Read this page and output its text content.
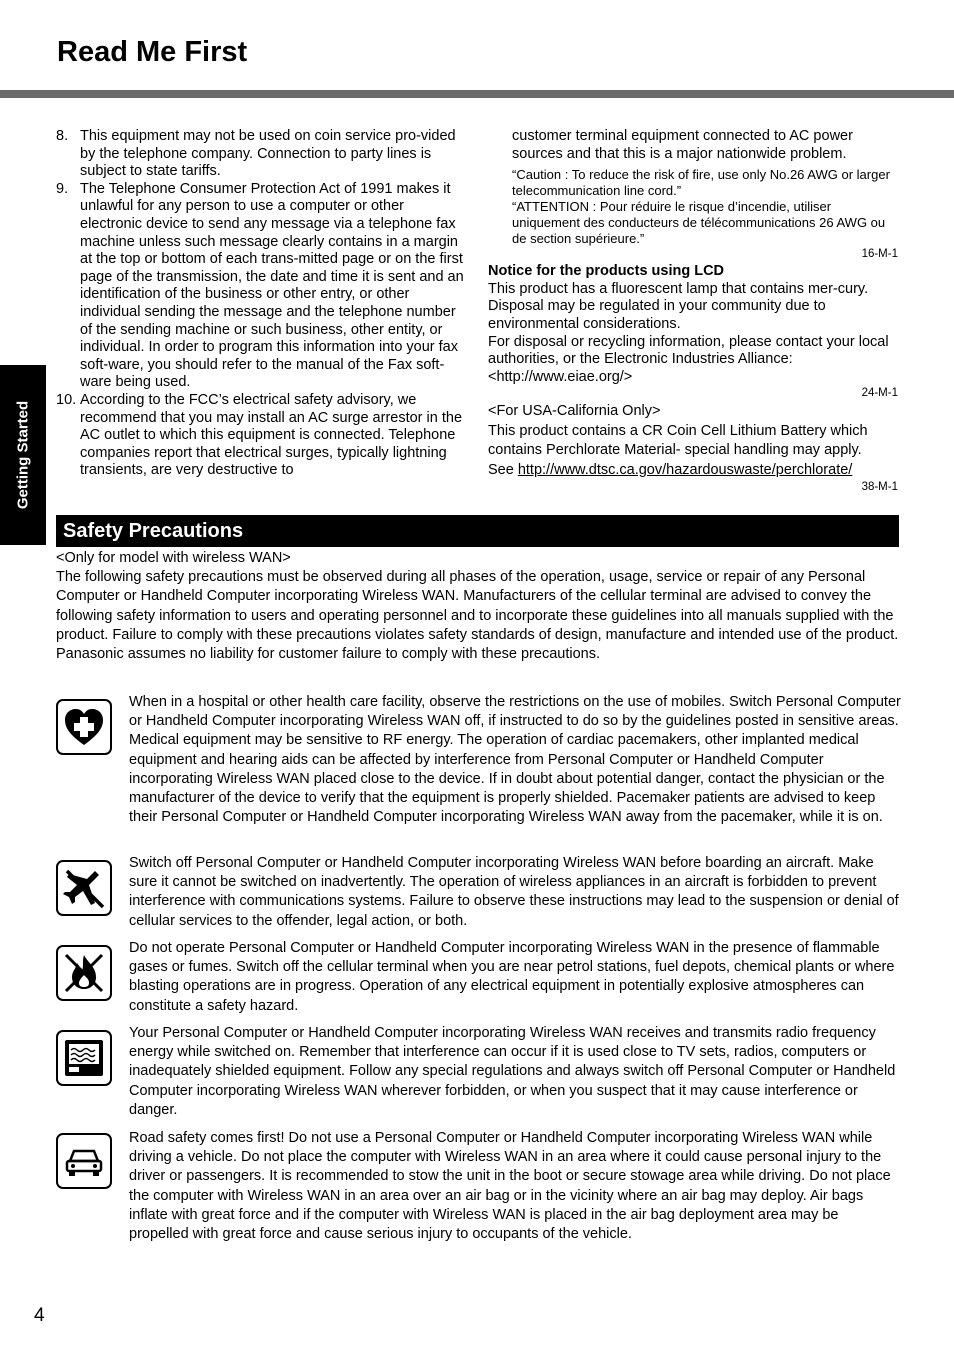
Read Me First
Getting Started
8. This equipment may not be used on coin service pro-vided by the telephone company. Connection to party lines is subject to state tariffs.
9. The Telephone Consumer Protection Act of 1991 makes it unlawful for any person to use a computer or other electronic device to send any message via a telephone fax machine unless such message clearly contains in a margin at the top or bottom of each trans-mitted page or on the first page of the transmission, the date and time it is sent and an identification of the business or other entry, or other individual sending the message and the telephone number of the sending machine or such business, other entity, or individual. In order to program this information into your fax soft-ware, you should refer to the manual of the Fax soft-ware being used.
10. According to the FCC’s electrical safety advisory, we recommend that you may install an AC surge arrestor in the AC outlet to which this equipment is connected. Telephone companies report that electrical surges, typically lightning transients, are very destructive to

customer terminal equipment connected to AC power sources and that this is a major nationwide problem.

“Caution : To reduce the risk of fire, use only No.26 AWG or larger telecommunication line cord.”

“ATTENTION : Pour réduire le risque d’incendie, utiliser uniquement des conducteurs de télécommunications 26 AWG ou de section supérieure.”

16-M-1

Notice for the products using LCD

This product has a fluorescent lamp that contains mer-cury. Disposal may be regulated in your community due to environmental considerations.

For disposal or recycling information, please contact your local authorities, or the Electronic Industries Alliance: <http://www.eiae.org/>

24-M-1

<For USA-California Only>

This product contains a CR Coin Cell Lithium Battery which contains Perchlorate Material- special handling may apply.

See http://www.dtsc.ca.gov/hazardouswaste/perchlorate/

38-M-1

Safety Precautions

<Only for model with wireless WAN>

The following safety precautions must be observed during all phases of the operation, usage, service or repair of any Personal Computer or Handheld Computer incorporating Wireless WAN. Manufacturers of the cellular terminal are advised to convey the following safety information to users and operating personnel and to incorporate these guidelines into all manuals supplied with the product. Failure to comply with these precautions violates safety standards of design, manufacture and intended use of the product. Panasonic assumes no liability for customer failure to comply with these precautions.

When in a hospital or other health care facility, observe the restrictions on the use of mobiles. Switch Personal Computer or Handheld Computer incorporating Wireless WAN off, if instructed to do so by the guidelines posted in sensitive areas. Medical equipment may be sensitive to RF energy. The operation of cardiac pacemakers, other implanted medical equipment and hearing aids can be affected by interference from Personal Computer or Handheld Computer incorporating Wireless WAN placed close to the device. If in doubt about potential danger, contact the physician or the manufacturer of the device to verify that the equipment is properly shielded. Pacemaker patients are advised to keep their Personal Computer or Handheld Computer incorporating Wireless WAN away from the pacemaker, while it is on.

Switch off Personal Computer or Handheld Computer incorporating Wireless WAN before boarding an aircraft. Make sure it cannot be switched on inadvertently. The operation of wireless appliances in an aircraft is forbidden to prevent interference with communications systems. Failure to observe these instructions may lead to the suspension or denial of cellular services to the offender, legal action, or both.

Do not operate Personal Computer or Handheld Computer incorporating Wireless WAN in the presence of flammable gases or fumes. Switch off the cellular terminal when you are near petrol stations, fuel depots, chemical plants or where blasting operations are in progress. Operation of any electrical equipment in potentially explosive atmospheres can constitute a safety hazard.

Your Personal Computer or Handheld Computer incorporating Wireless WAN receives and transmits radio frequency energy while switched on. Remember that interference can occur if it is used close to TV sets, radios, computers or inadequately shielded equipment. Follow any special regulations and always switch off Personal Computer or Handheld Computer incorporating Wireless WAN wherever forbidden, or when you suspect that it may cause interference or danger.

Road safety comes first! Do not use a Personal Computer or Handheld Computer incorporating Wireless WAN while driving a vehicle. Do not place the computer with Wireless WAN in an area where it could cause personal injury to the driver or passengers. It is recommended to stow the unit in the boot or secure stowage area while driving. Do not place the computer with Wireless WAN in an area over an air bag or in the vicinity where an air bag may deploy. Air bags inflate with great force and if the computer with Wireless WAN is placed in the air bag deployment area may be propelled with great force and cause serious injury to occupants of the vehicle.

4
